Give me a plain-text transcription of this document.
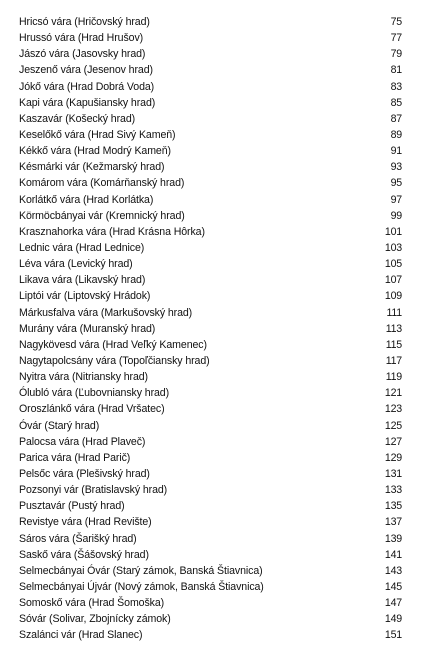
Hricsó vára (Hričovský hrad)	75
Hrussó vára (Hrad Hrušov)	77
Jászó vára (Jasovsky hrad)	79
Jeszenő vára (Jesenov hrad)	81
Jókő vára (Hrad Dobrá Voda)	83
Kapi vára (Kapušiansky hrad)	85
Kaszavár (Košecký hrad)	87
Keselőkő vára (Hrad Sivý Kameň)	89
Kékkő vára (Hrad Modrý Kameň)	91
Késmárki vár (Kežmarský hrad)	93
Komárom vára (Komárňanský hrad)	95
Korlátkő vára (Hrad Korlátka)	97
Körmöcbányai vár (Kremnický hrad)	99
Krasznahorka vára (Hrad Krásna Hôrka)	101
Lednic vára (Hrad Lednice)	103
Léva vára (Levický hrad)	105
Likava vára (Likavský hrad)	107
Liptói vár (Liptovský Hrádok)	109
Márkusfalva vára (Markušovský hrad)	111
Murány vára (Muranský hrad)	113
Nagykövesd vára (Hrad Veľký Kamenec)	115
Nagytapolcsány vára (Topoľčiansky hrad)	117
Nyitra vára (Nitriansky hrad)	119
Ólubló vára (Ľubovniansky hrad)	121
Oroszlánkő vára (Hrad Vršatec)	123
Óvár (Starý hrad)	125
Palocsa vára (Hrad Plaveč)	127
Parica vára (Hrad Parič)	129
Pelsőc vára (Plešivský hrad)	131
Pozsonyi vár (Bratislavský hrad)	133
Pusztavár (Pustý hrad)	135
Revistye vára (Hrad Revište)	137
Sáros vára (Šarišký hrad)	139
Saskő vára (Šášovský hrad)	141
Selmecbányai Óvár (Starý zámok, Banská Štiavnica)	143
Selmecbányai Újvár (Nový zámok, Banská Štiavnica)	145
Somoskő vára (Hrad Šomoška)	147
Sóvár (Solivar, Zbojnícky zámok)	149
Szalánci vár (Hrad Slanec)	151
